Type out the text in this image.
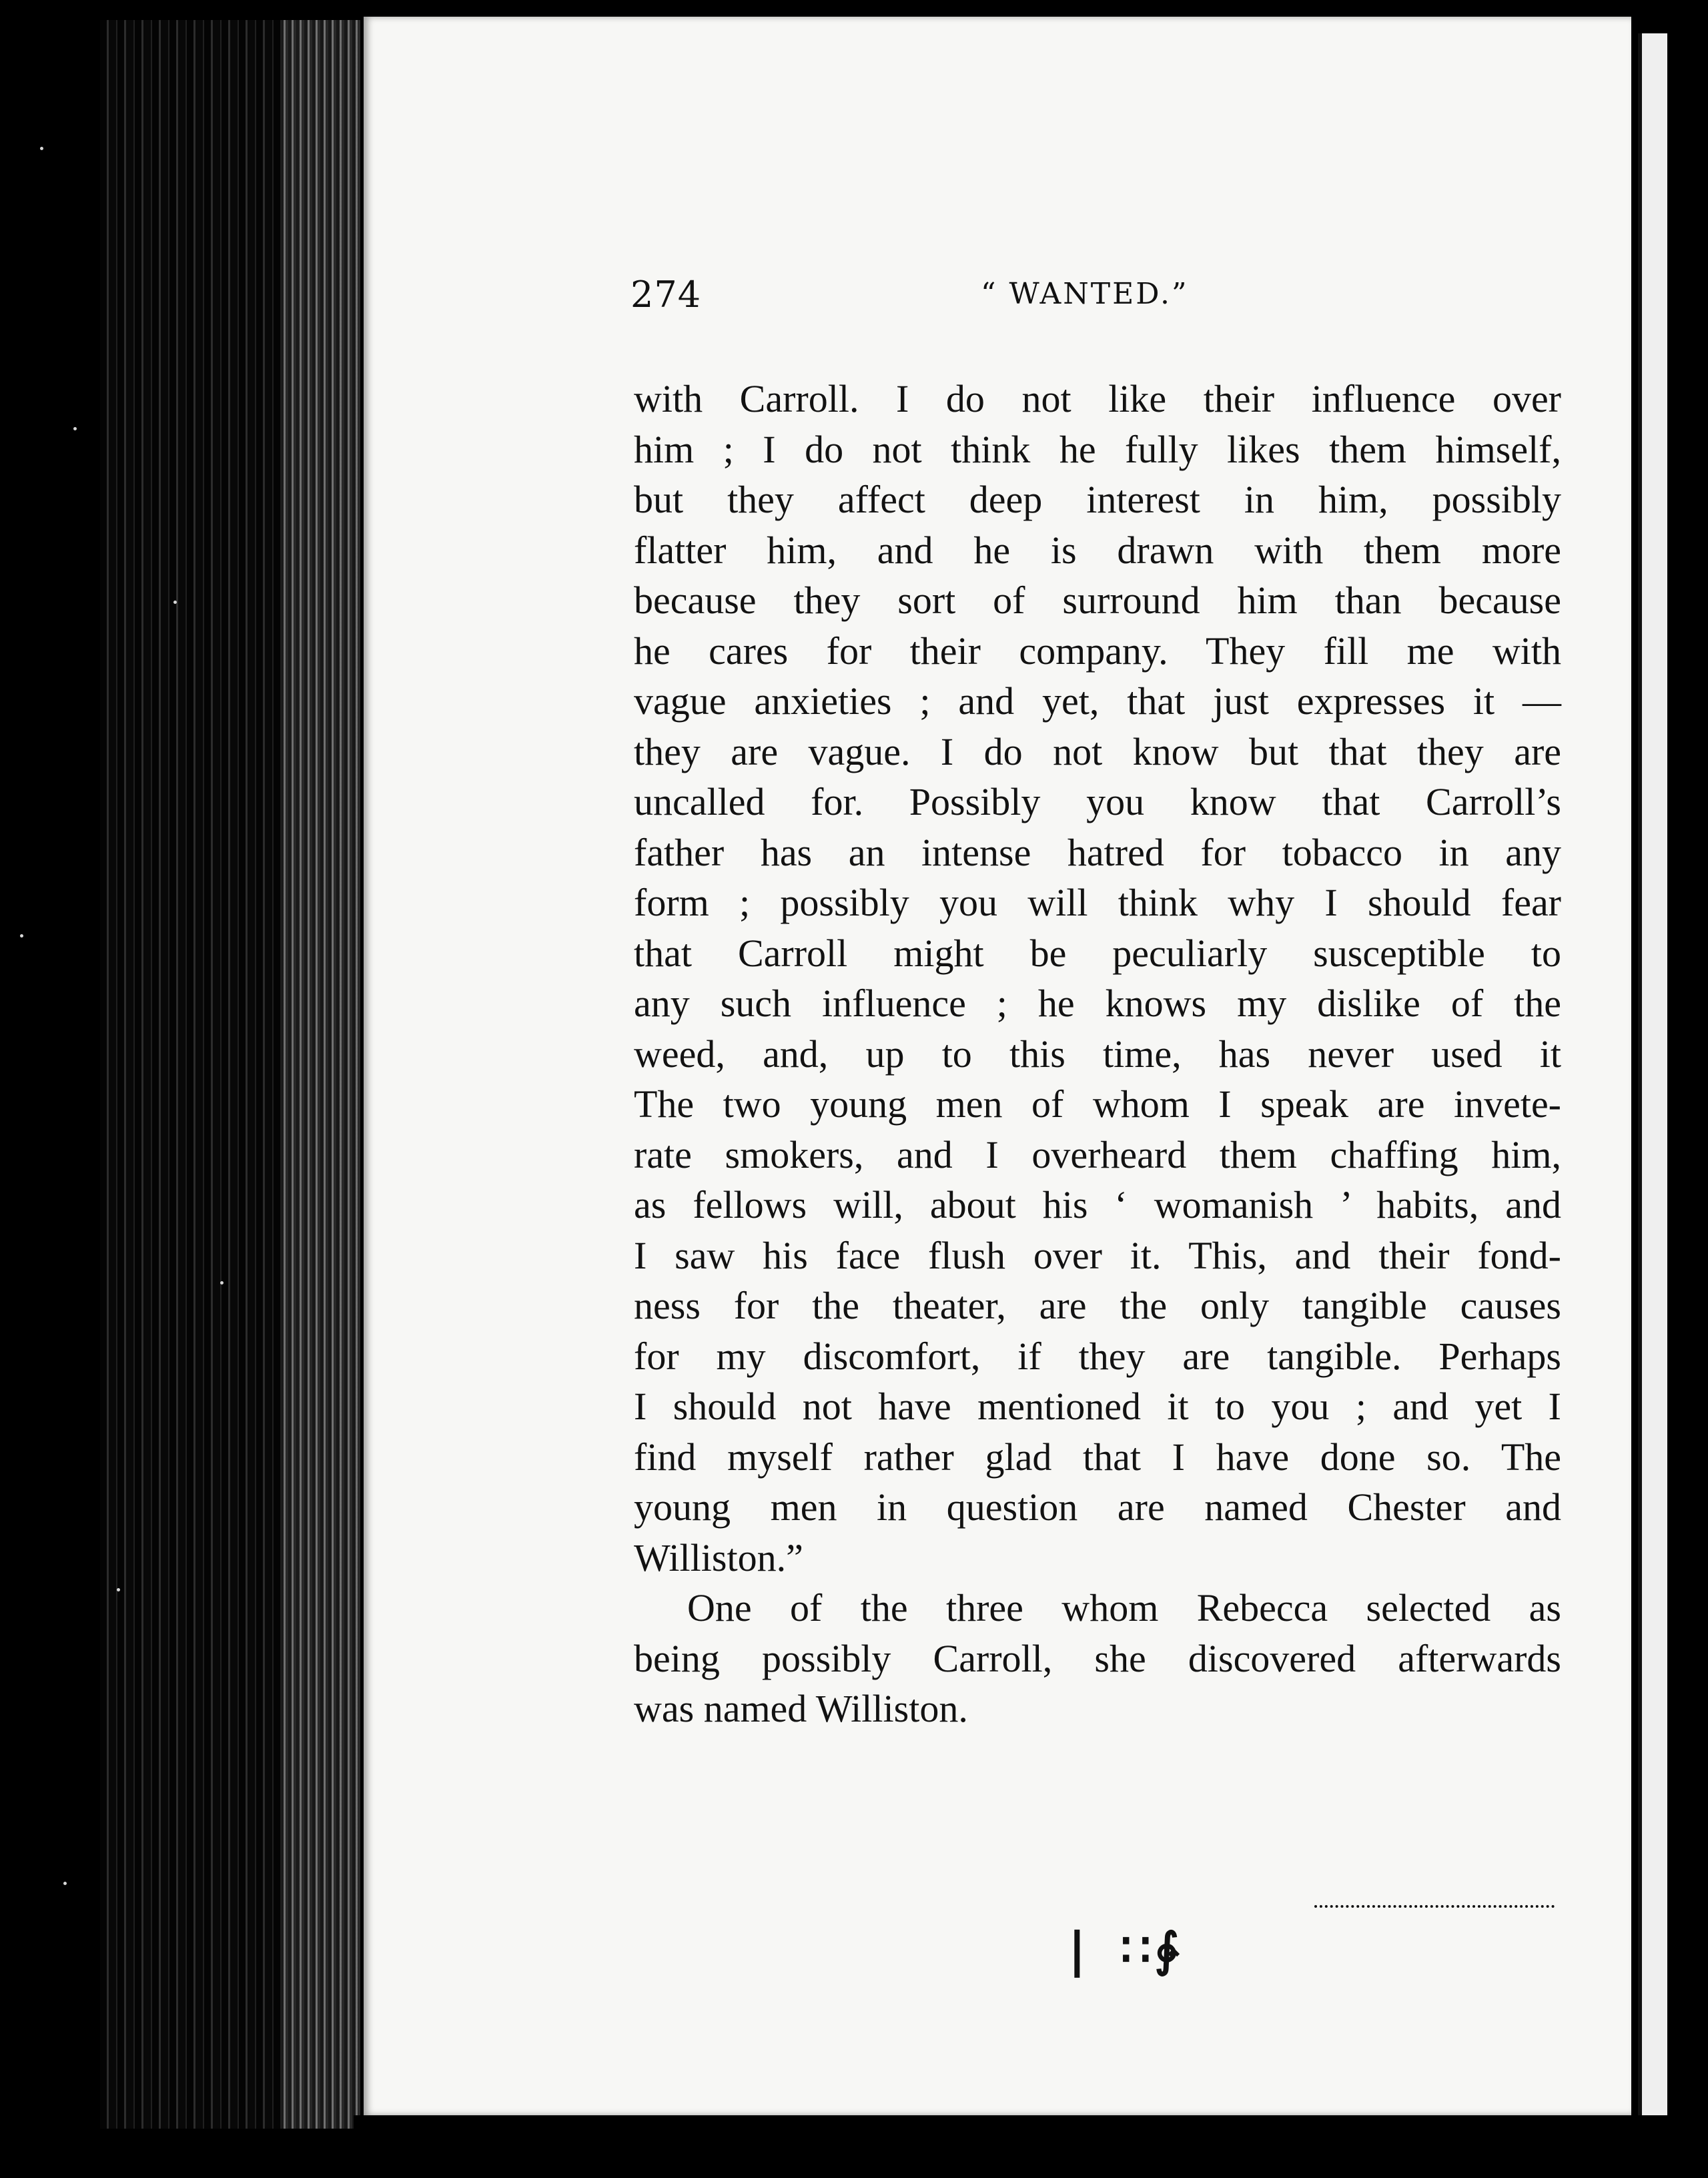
274	“ WANTED.”
with Carroll. I do not like their influence over
him ; I do not think he fully likes them himself,
but they affect deep interest in him, possibly
flatter him, and he is drawn with them more
because they sort of surround him than because
he cares for their company. They fill me with
vague anxieties ; and yet, that just expresses it —
they are vague. I do not know but that they are
uncalled for. Possibly you know that Carroll’s
father has an intense hatred for tobacco in any
form ; possibly you will think why I should fear
that Carroll might be peculiarly susceptible to
any such influence ; he knows my dislike of the
weed, and, up to this time, has never used it
The two young men of whom I speak are invete-
rate smokers, and I overheard them chaffing him,
as fellows will, about his ‘ womanish ’ habits, and
I saw his face flush over it. This, and their fond-
ness for the theater, are the only tangible causes
for my discomfort, if they are tangible. Perhaps
I should not have mentioned it to you ; and yet I
find myself rather glad that I have done so. The
young men in question are named Chester and
Williston.”
One of the three whom Rebecca selected as
being possibly Carroll, she discovered afterwards
was named Williston.
❘ ∷∳
